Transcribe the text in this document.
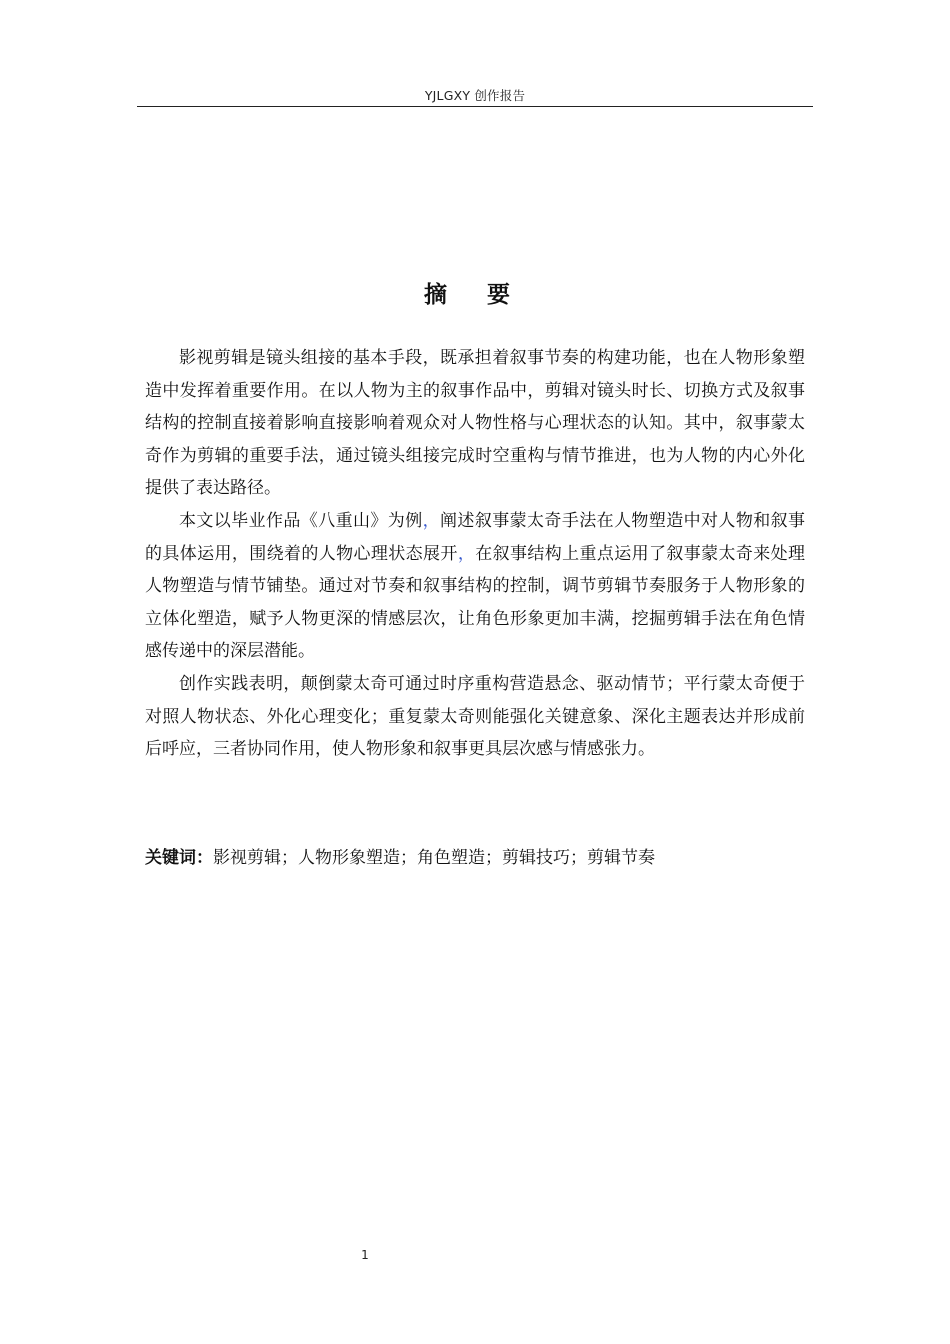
YJLGXY 创作报告
摘 要

影视剪辑是镜头组接的基本手段，既承担着叙事节奏的构建功能，也在人物形象塑造中发挥着重要作用。在以人物为主的叙事作品中，剪辑对镜头时长、切换方式及叙事结构的控制直接着影响直接影响着观众对人物性格与心理状态的认知。其中，叙事蒙太奇作为剪辑的重要手法，通过镜头组接完成时空重构与情节推进，也为人物的内心外化提供了表达路径。

本文以毕业作品《八重山》为例，阐述叙事蒙太奇手法在人物塑造中对人物和叙事的具体运用，围绕着的人物心理状态展开，在叙事结构上重点运用了叙事蒙太奇来处理人物塑造与情节铺垫。通过对节奏和叙事结构的控制，调节剪辑节奏服务于人物形象的立体化塑造，赋予人物更深的情感层次，让角色形象更加丰满，挖掘剪辑手法在角色情感传递中的深层潜能。

创作实践表明，颠倒蒙太奇可通过时序重构营造悬念、驱动情节；平行蒙太奇便于对照人物状态、外化心理变化；重复蒙太奇则能强化关键意象、深化主题表达并形成前后呼应，三者协同作用，使人物形象和叙事更具层次感与情感张力。

关键词：影视剪辑；人物形象塑造；角色塑造；剪辑技巧；剪辑节奏
1
